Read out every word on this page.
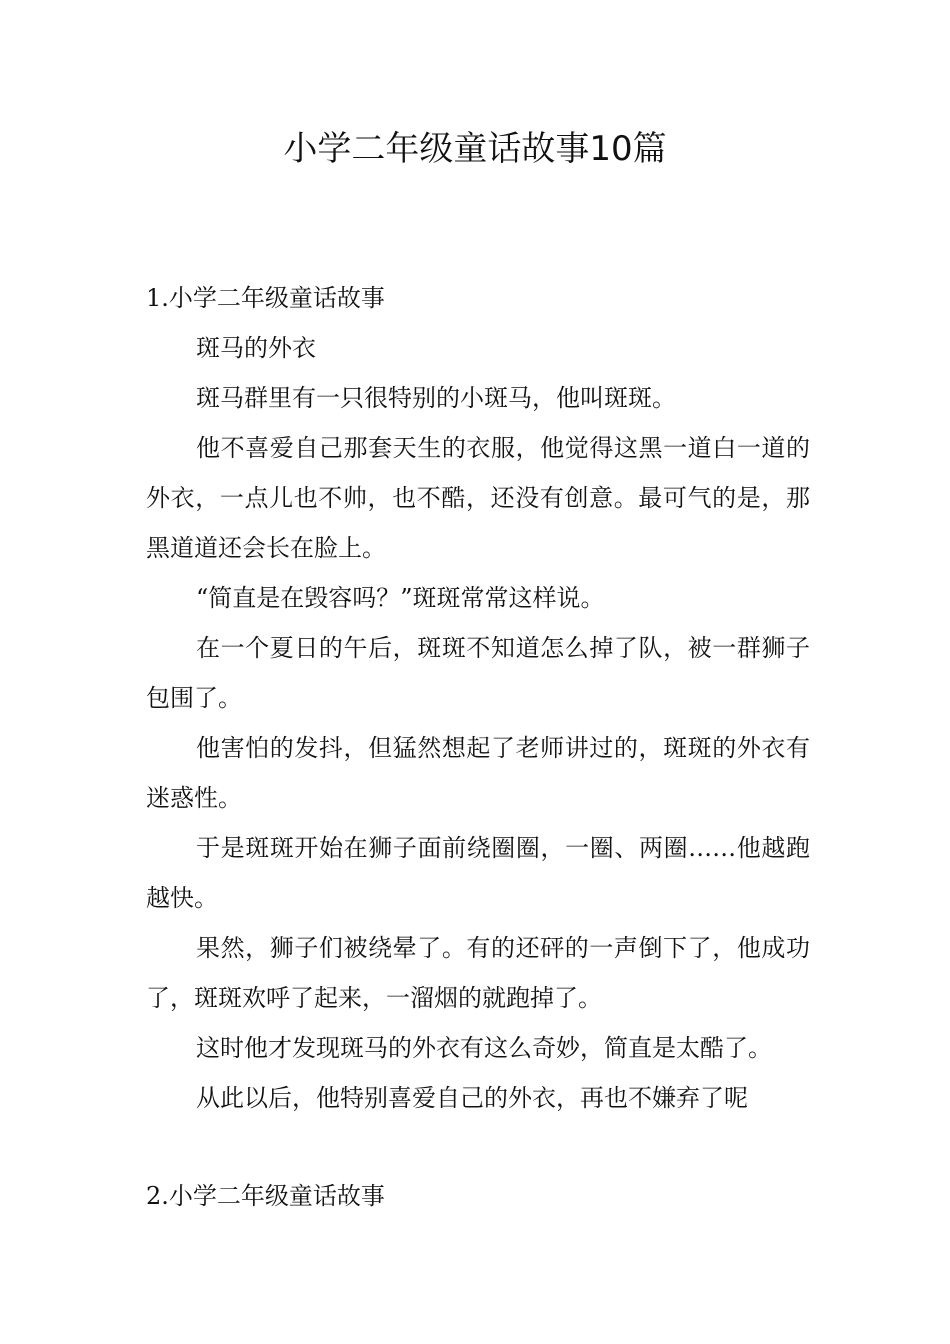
小学二年级童话故事10篇
1.小学二年级童话故事

斑马的外衣

斑马群里有一只很特别的小斑马，他叫斑斑。

他不喜爱自己那套天生的衣服，他觉得这黑一道白一道的外衣，一点儿也不帅，也不酷，还没有创意。最可气的是，那黑道道还会长在脸上。

“简直是在毁容吗？”斑斑常常这样说。

在一个夏日的午后，斑斑不知道怎么掉了队，被一群狮子包围了。

他害怕的发抖，但猛然想起了老师讲过的，斑斑的外衣有迷惑性。

于是斑斑开始在狮子面前绕圈圈，一圈、两圈……他越跑越快。

果然，狮子们被绕晕了。有的还砰的一声倒下了，他成功了，斑斑欢呼了起来，一溜烟的就跑掉了。

这时他才发现斑马的外衣有这么奇妙，简直是太酷了。

从此以后，他特别喜爱自己的外衣，再也不嫌弃了呢

2.小学二年级童话故事
